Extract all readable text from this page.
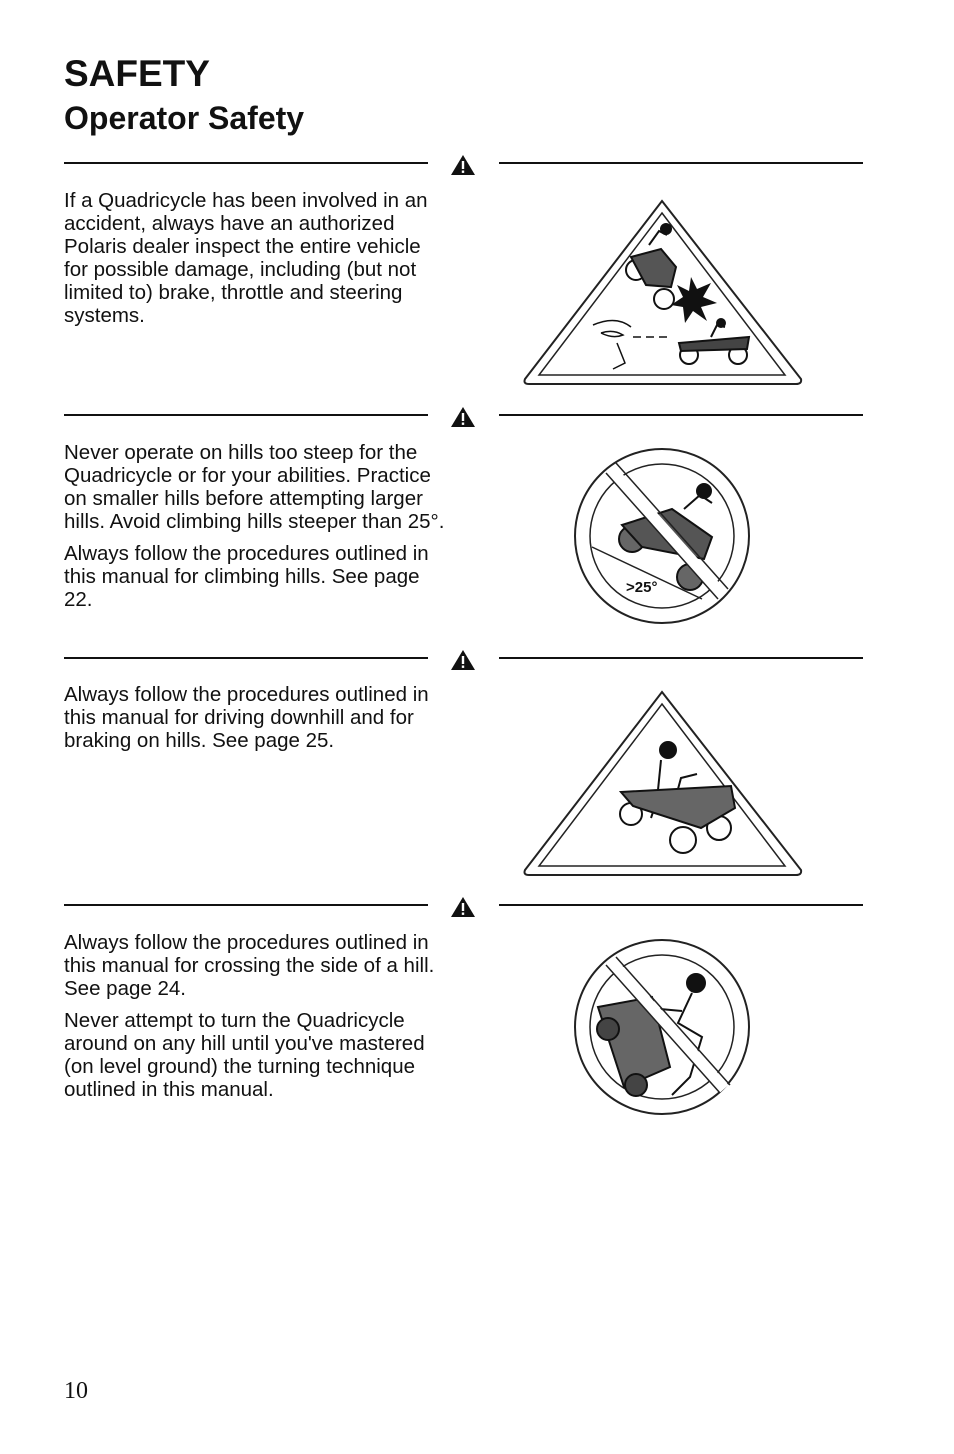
SAFETY
Operator Safety

If a Quadricycle has been involved in an accident, always have an authorized Polaris dealer inspect the entire vehicle for possible damage, including (but not limited to) brake, throttle and steering systems.

Never operate on hills too steep for the Quadricycle or for your abilities. Practice on smaller hills before attempting larger hills. Avoid climbing hills steeper than 25°.

Always follow the procedures outlined in this manual for climbing hills. See page 22.

>25°

Always follow the procedures outlined in this manual for driving downhill and for braking on hills. See page 25.

Always follow the procedures outlined in this manual for crossing the side of a hill. See page 24.

Never attempt to turn the Quadricycle around on any hill until you've mastered (on level ground) the turning technique outlined in this manual.

10
